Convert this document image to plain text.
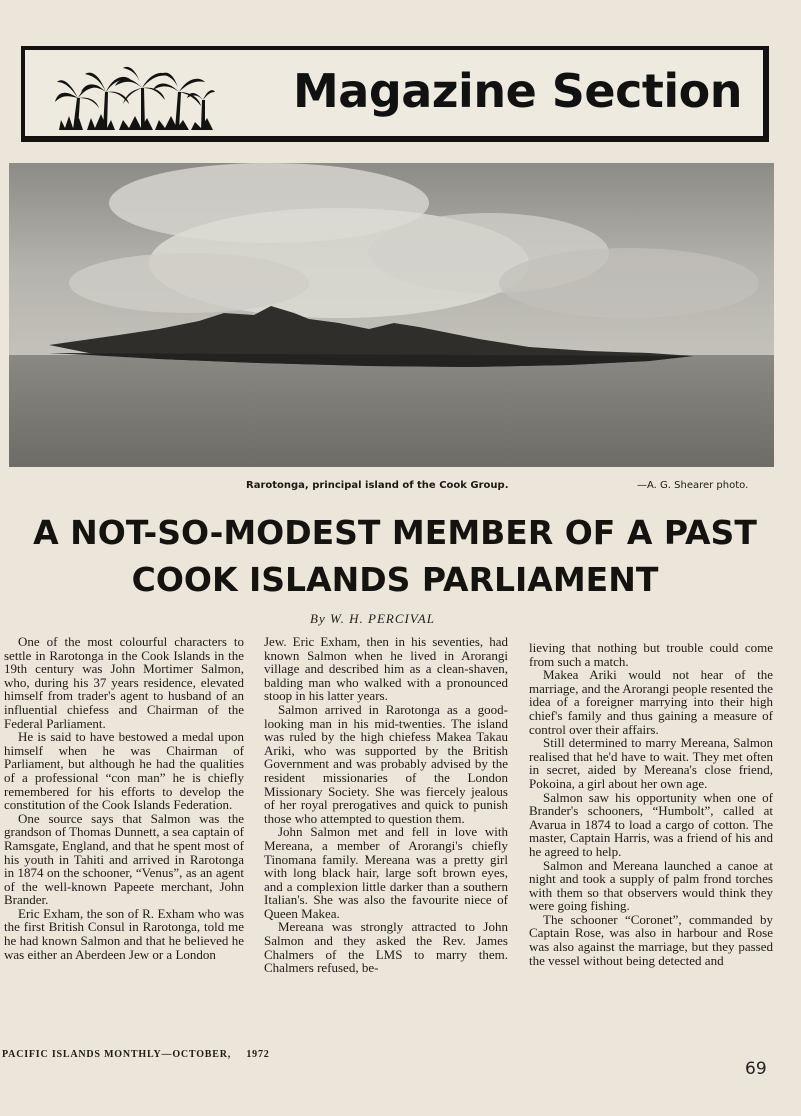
Magazine Section
Rarotonga, principal island of the Cook Group.	—A. G. Shearer photo.
A NOT-SO-MODEST MEMBER OF A PAST
COOK ISLANDS PARLIAMENT
By W. H. PERCIVAL

One of the most colourful characters to settle in Rarotonga in the Cook Islands in the 19th century was John Mortimer Salmon, who, during his 37 years residence, elevated himself from trader's agent to husband of an influential chiefess and Chairman of the Federal Parliament.

He is said to have bestowed a medal upon himself when he was Chairman of Parliament, but although he had the qualities of a professional “con man” he is chiefly remembered for his efforts to develop the constitution of the Cook Islands Federation.

One source says that Salmon was the grandson of Thomas Dunnett, a sea captain of Ramsgate, England, and that he spent most of his youth in Tahiti and arrived in Rarotonga in 1874 on the schooner, “Venus”, as an agent of the well-known Papeete merchant, John Brander.

Eric Exham, the son of R. Exham who was the first British Consul in Rarotonga, told me he had known Salmon and that he believed he was either an Aberdeen Jew or a London

Jew. Eric Exham, then in his seventies, had known Salmon when he lived in Arorangi village and described him as a clean-shaven, balding man who walked with a pronounced stoop in his latter years.

Salmon arrived in Rarotonga as a good-looking man in his mid-twenties. The island was ruled by the high chiefess Makea Takau Ariki, who was supported by the British Government and was probably advised by the resident missionaries of the London Missionary Society. She was fiercely jealous of her royal prerogatives and quick to punish those who attempted to question them.

John Salmon met and fell in love with Mereana, a member of Arorangi's chiefly Tinomana family. Mereana was a pretty girl with long black hair, large soft brown eyes, and a complexion little darker than a southern Italian's. She was also the favourite niece of Queen Makea.

Mereana was strongly attracted to John Salmon and they asked the Rev. James Chalmers of the LMS to marry them. Chalmers refused, be-

lieving that nothing but trouble could come from such a match.

Makea Ariki would not hear of the marriage, and the Arorangi people resented the idea of a foreigner marrying into their high chief's family and thus gaining a measure of control over their affairs.

Still determined to marry Mereana, Salmon realised that he'd have to wait. They met often in secret, aided by Mereana's close friend, Pokoina, a girl about her own age.

Salmon saw his opportunity when one of Brander's schooners, “Humbolt”, called at Avarua in 1874 to load a cargo of cotton. The master, Captain Harris, was a friend of his and he agreed to help.

Salmon and Mereana launched a canoe at night and took a supply of palm frond torches with them so that observers would think they were going fishing.

The schooner “Coronet”, commanded by Captain Rose, was also in harbour and Rose was also against the marriage, but they passed the vessel without being detected and

PACIFIC ISLANDS MONTHLY—OCTOBER, 1972
69
